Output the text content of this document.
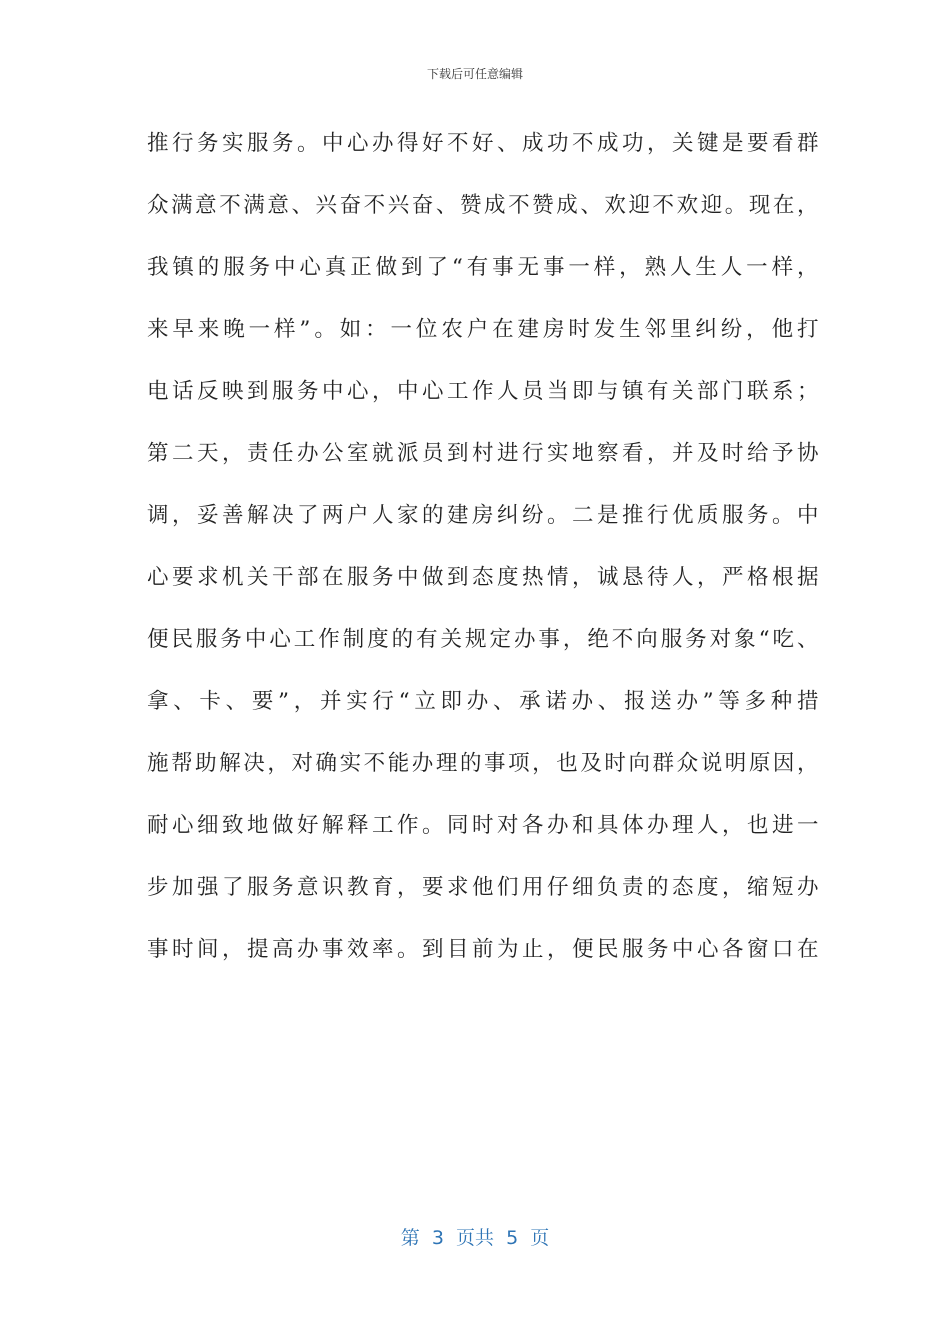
下载后可任意编辑
推行务实服务。中心办得好不好、成功不成功，关键是要看群
众满意不满意、兴奋不兴奋、赞成不赞成、欢迎不欢迎。现在，
我镇的服务中心真正做到了“有事无事一样，熟人生人一样，
来早来晚一样”。如：一位农户在建房时发生邻里纠纷，他打
电话反映到服务中心，中心工作人员当即与镇有关部门联系；
第二天，责任办公室就派员到村进行实地察看，并及时给予协
调，妥善解决了两户人家的建房纠纷。二是推行优质服务。中
心要求机关干部在服务中做到态度热情，诚恳待人，严格根据
便民服务中心工作制度的有关规定办事，绝不向服务对象“吃、
拿、卡、要”，并实行“立即办、承诺办、报送办”等多种措
施帮助解决，对确实不能办理的事项，也及时向群众说明原因，
耐心细致地做好解释工作。同时对各办和具体办理人，也进一
步加强了服务意识教育，要求他们用仔细负责的态度，缩短办
事时间，提高办事效率。到目前为止，便民服务中心各窗口在
第  3  页共  5  页
